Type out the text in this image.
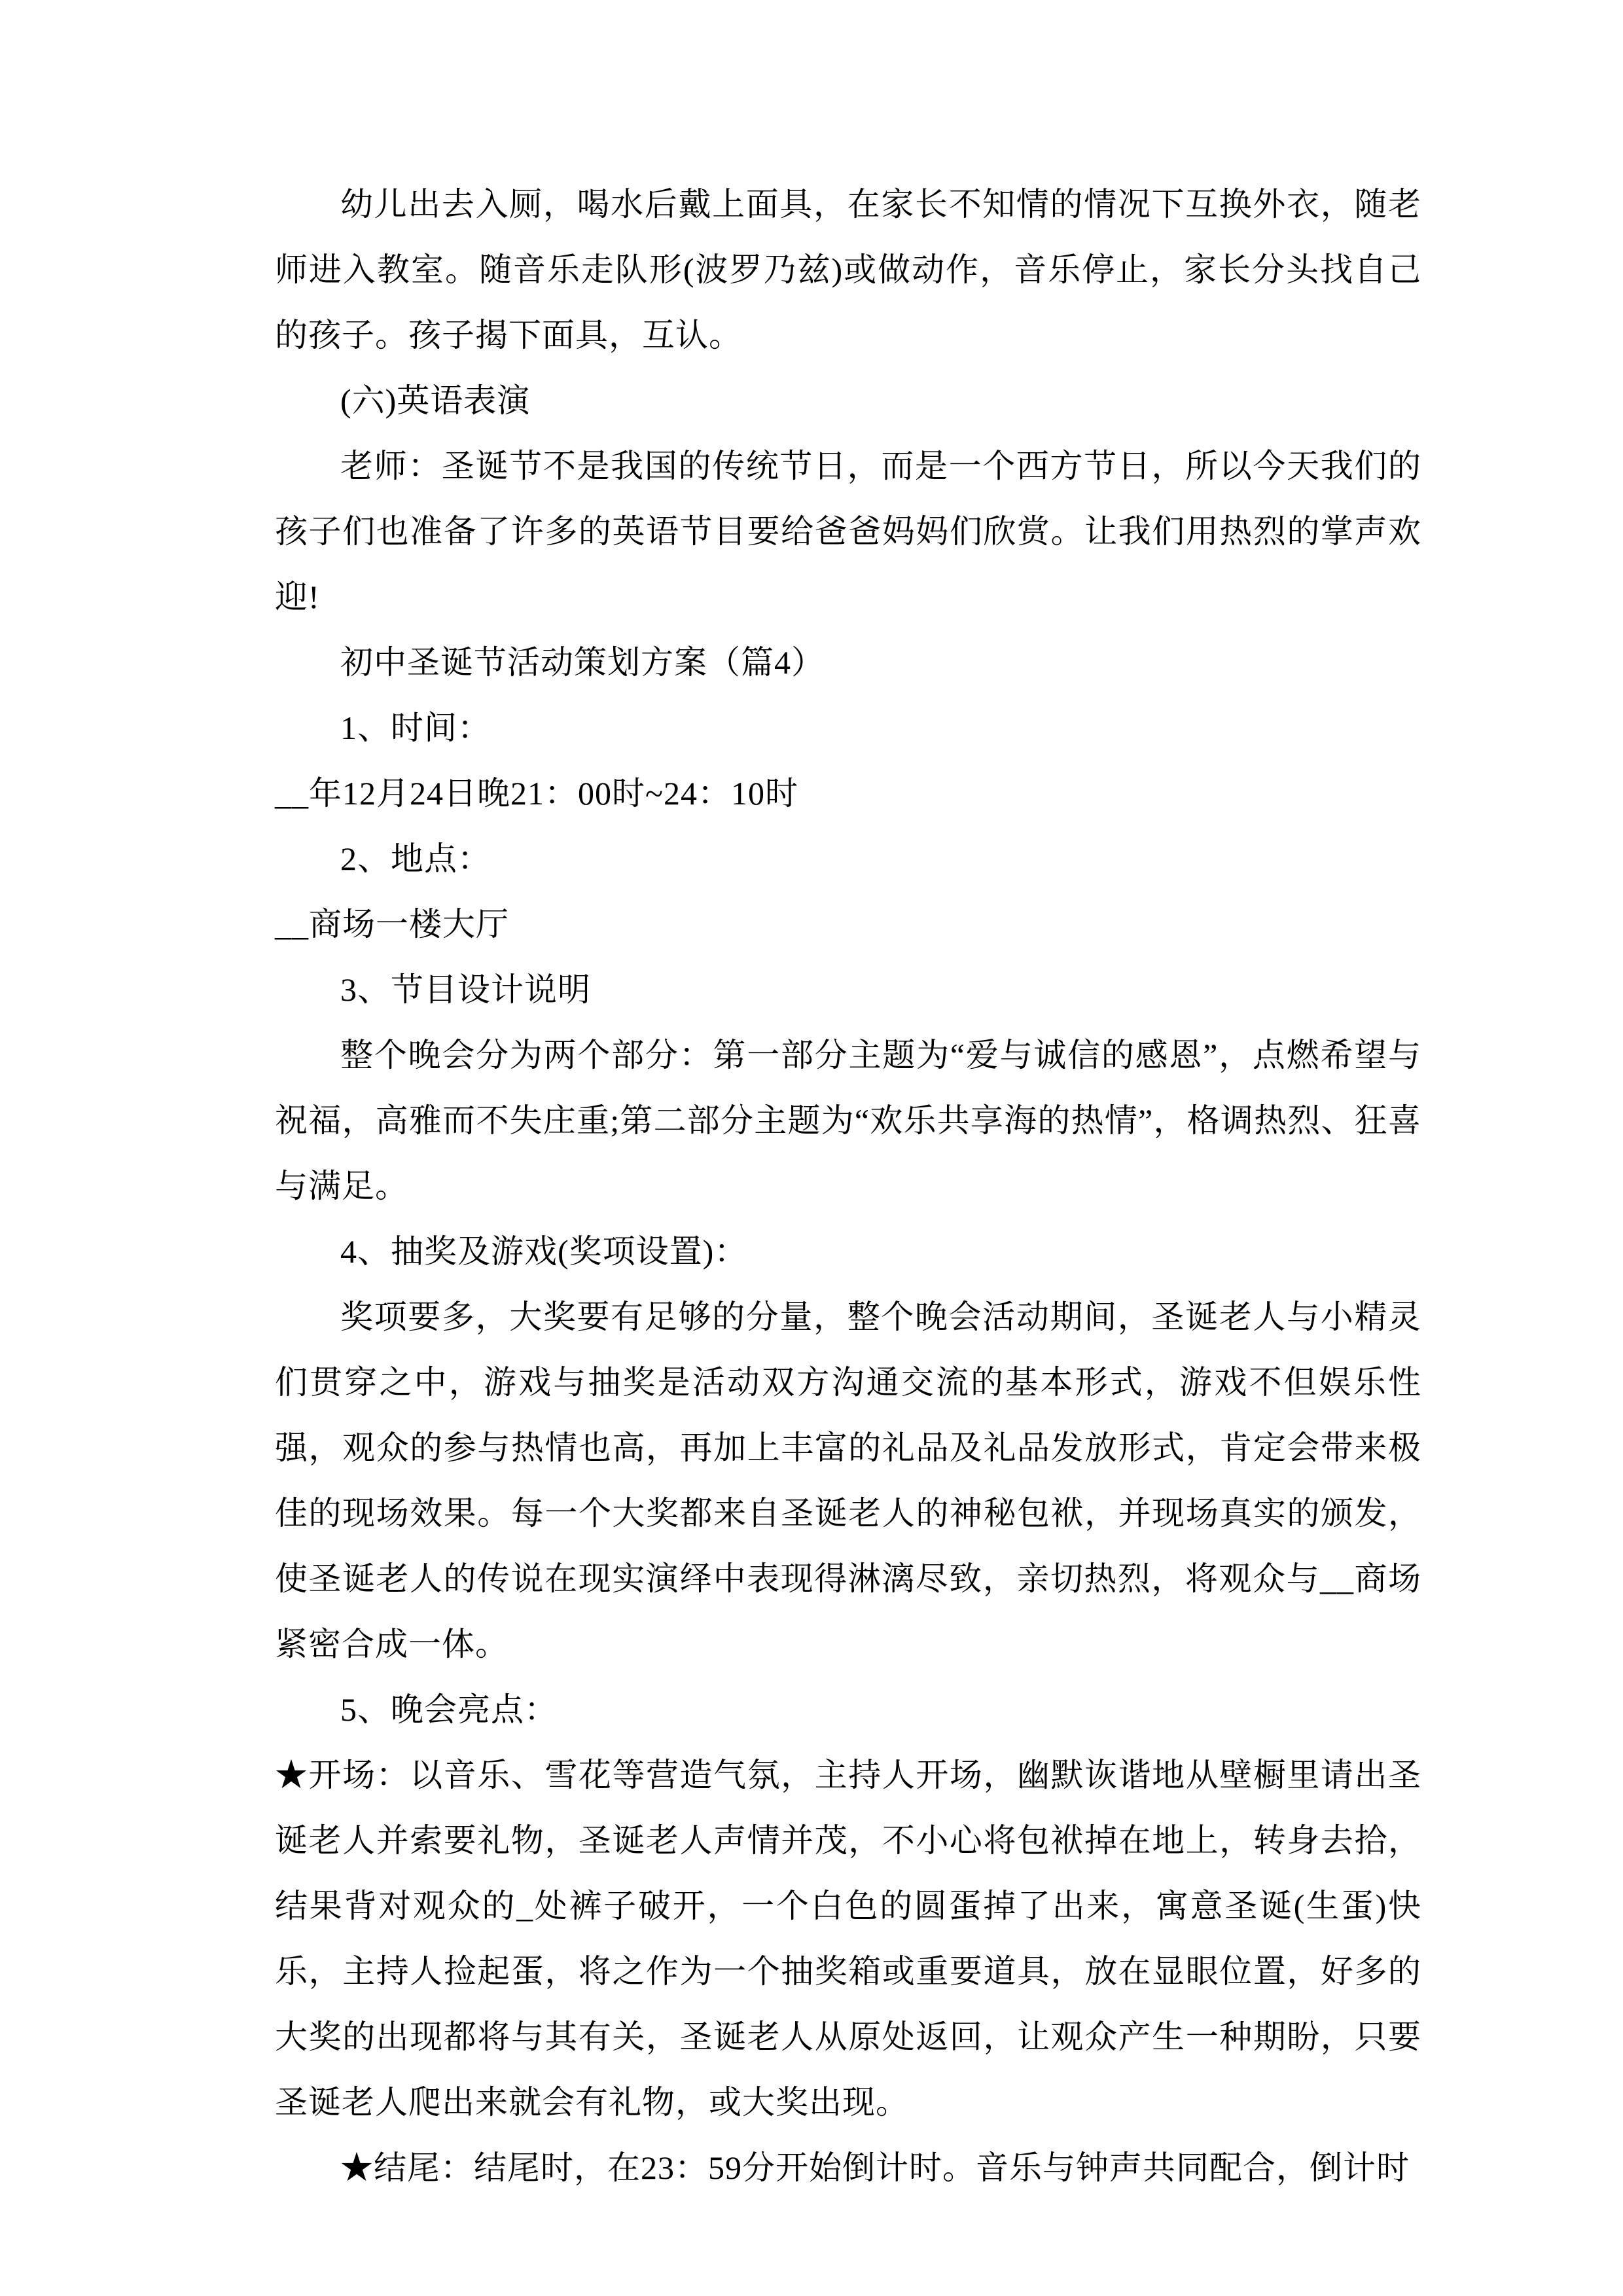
幼儿出去入厕，喝水后戴上面具，在家长不知情的情况下互换外衣，随老师进入教室。随音乐走队形(波罗乃兹)或做动作，音乐停止，家长分头找自己的孩子。孩子揭下面具，互认。

(六)英语表演

老师：圣诞节不是我国的传统节日，而是一个西方节日，所以今天我们的孩子们也准备了许多的英语节目要给爸爸妈妈们欣赏。让我们用热烈的掌声欢迎!

初中圣诞节活动策划方案（篇4）

1、时间：

__年12月24日晚21：00时~24：10时

2、地点：

__商场一楼大厅

3、节目设计说明

整个晚会分为两个部分：第一部分主题为“爱与诚信的感恩”，点燃希望与祝福，高雅而不失庄重;第二部分主题为“欢乐共享海的热情”，格调热烈、狂喜与满足。

4、抽奖及游戏(奖项设置)：

奖项要多，大奖要有足够的分量，整个晚会活动期间，圣诞老人与小精灵们贯穿之中，游戏与抽奖是活动双方沟通交流的基本形式，游戏不但娱乐性强，观众的参与热情也高，再加上丰富的礼品及礼品发放形式，肯定会带来极佳的现场效果。每一个大奖都来自圣诞老人的神秘包袱，并现场真实的颁发，使圣诞老人的传说在现实演绎中表现得淋漓尽致，亲切热烈，将观众与__商场紧密合成一体。

5、晚会亮点：

★开场：以音乐、雪花等营造气氛，主持人开场，幽默诙谐地从壁橱里请出圣诞老人并索要礼物，圣诞老人声情并茂，不小心将包袱掉在地上，转身去拾，结果背对观众的_处裤子破开，一个白色的圆蛋掉了出来，寓意圣诞(生蛋)快乐，主持人捡起蛋，将之作为一个抽奖箱或重要道具，放在显眼位置，好多的大奖的出现都将与其有关，圣诞老人从原处返回，让观众产生一种期盼，只要圣诞老人爬出来就会有礼物，或大奖出现。

★结尾：结尾时，在23：59分开始倒计时。音乐与钟声共同配合，倒计时
